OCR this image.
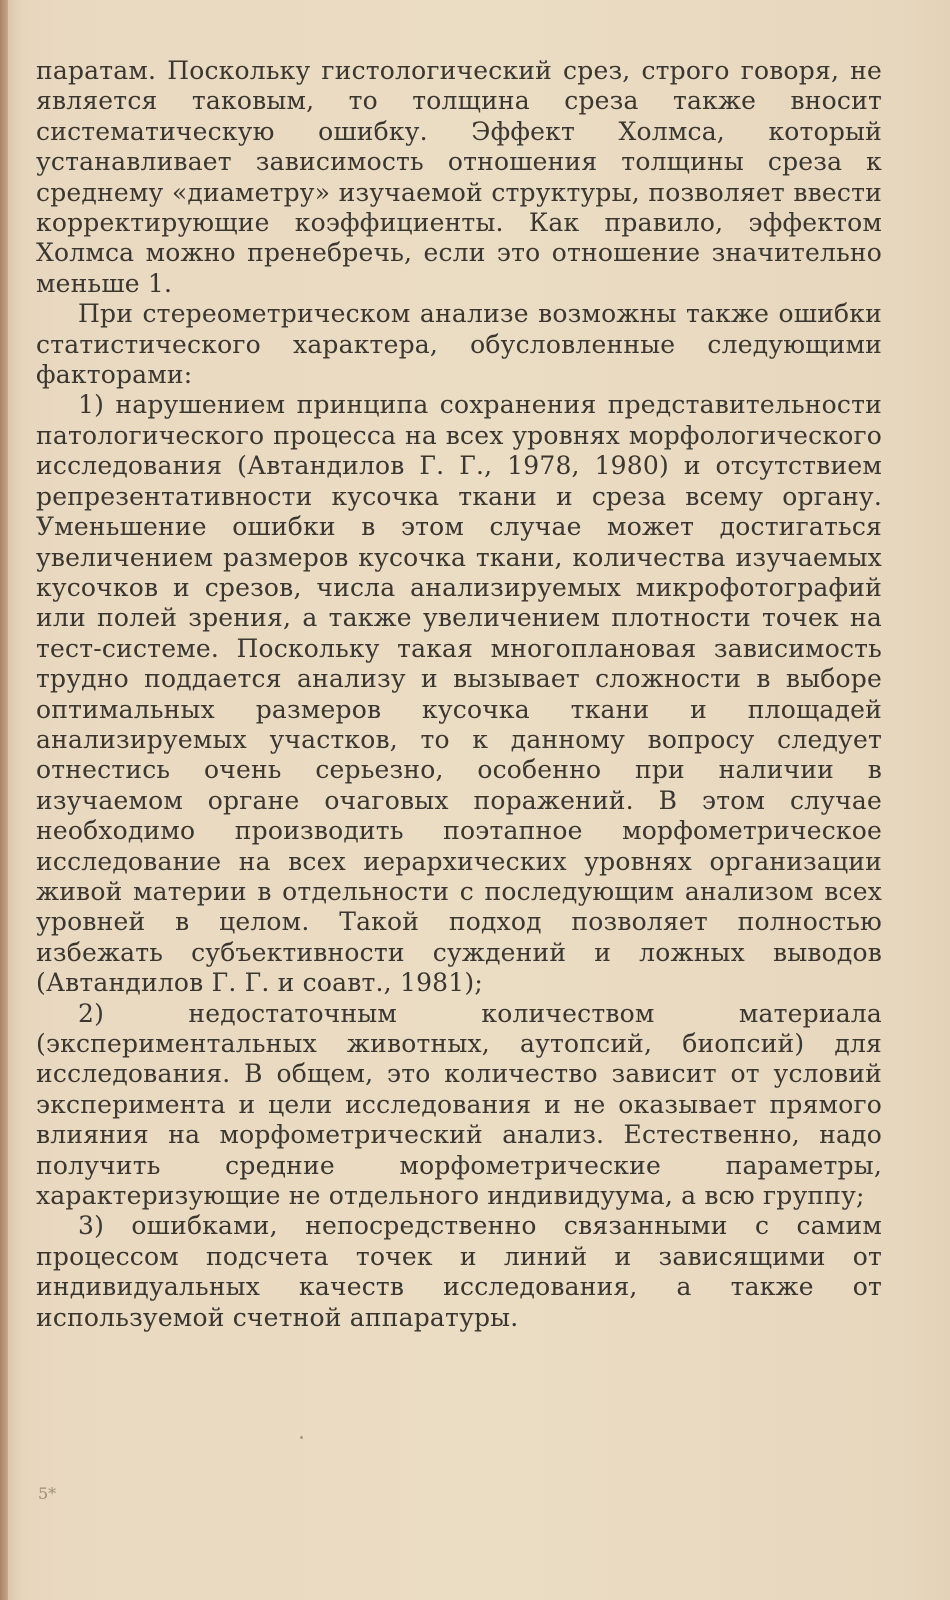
паратам. Поскольку гистологический срез, строго говоря, не является таковым, то толщина среза также вносит систематическую ошибку. Эффект Холмса, который устанавливает зависимость отношения толщины среза к среднему «диаметру» изучаемой структуры, позволяет ввести корректирующие коэффициенты. Как правило, эффектом Холмса можно пренебречь, если это отношение значительно меньше 1.

При стереометрическом анализе возможны также ошибки статистического характера, обусловленные следующими факторами:

1) нарушением принципа сохранения представительности патологического процесса на всех уровнях морфологического исследования (Автандилов Г. Г., 1978, 1980) и отсутствием репрезентативности кусочка ткани и среза всему органу. Уменьшение ошибки в этом случае может достигаться увеличением размеров кусочка ткани, количества изучаемых кусочков и срезов, числа анализируемых микрофотографий или полей зрения, а также увеличением плотности точек на тест-системе. Поскольку такая многоплановая зависимость трудно поддается анализу и вызывает сложности в выборе оптимальных размеров кусочка ткани и площадей анализируемых участков, то к данному вопросу следует отнестись очень серьезно, особенно при наличии в изучаемом органе очаговых поражений. В этом случае необходимо производить поэтапное морфометрическое исследование на всех иерархических уровнях организации живой материи в отдельности с последующим анализом всех уровней в целом. Такой подход позволяет полностью избежать субъективности суждений и ложных выводов (Автандилов Г. Г. и соавт., 1981);

2) недостаточным количеством материала (экспериментальных животных, аутопсий, биопсий) для исследования. В общем, это количество зависит от условий эксперимента и цели исследования и не оказывает прямого влияния на морфометрический анализ. Естественно, надо получить средние морфометрические параметры, характеризующие не отдельного индивидуума, а всю группу;

3) ошибками, непосредственно связанными с самим процессом подсчета точек и линий и зависящими от индивидуальных качеств исследования, а также от используемой счетной аппаратуры.

5*
